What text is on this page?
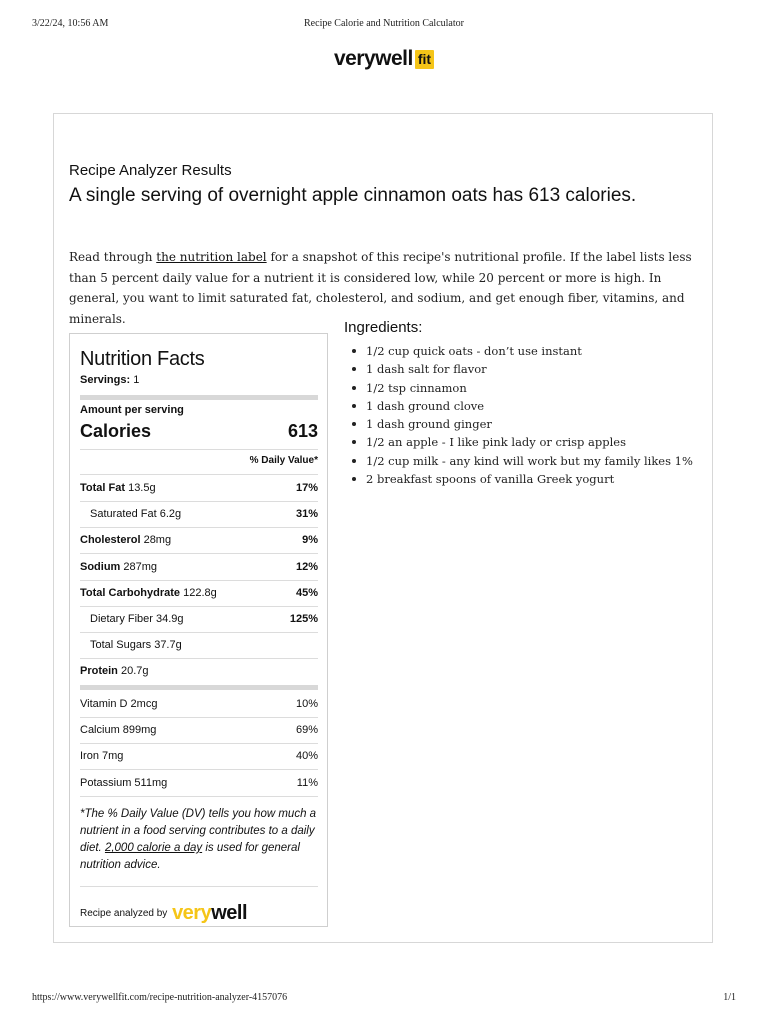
3/22/24, 10:56 AM	Recipe Calorie and Nutrition Calculator
verywell fit
Recipe Analyzer Results
A single serving of overnight apple cinnamon oats has 613 calories.

Read through the nutrition label for a snapshot of this recipe's nutritional profile. If the label lists less than 5 percent daily value for a nutrient it is considered low, while 20 percent or more is high. In general, you want to limit saturated fat, cholesterol, and sodium, and get enough fiber, vitamins, and minerals.

Nutrition Facts
Servings: 1
Amount per serving
Calories	613
% Daily Value*
Total Fat 13.5g	17%
Saturated Fat 6.2g	31%
Cholesterol 28mg	9%
Sodium 287mg	12%
Total Carbohydrate 122.8g	45%
Dietary Fiber 34.9g	125%
Total Sugars 37.7g
Protein 20.7g
Vitamin D 2mcg	10%
Calcium 899mg	69%
Iron 7mg	40%
Potassium 511mg	11%
*The % Daily Value (DV) tells you how much a nutrient in a food serving contributes to a daily diet. 2,000 calorie a day is used for general nutrition advice.
Recipe analyzed by verywell
Ingredients:
1/2 cup quick oats - don’t use instant
1 dash salt for flavor
1/2 tsp cinnamon
1 dash ground clove
1 dash ground ginger
1/2 an apple - I like pink lady or crisp apples
1/2 cup milk - any kind will work but my family likes 1%
2 breakfast spoons of vanilla Greek yogurt
https://www.verywellfit.com/recipe-nutrition-analyzer-4157076	1/1
